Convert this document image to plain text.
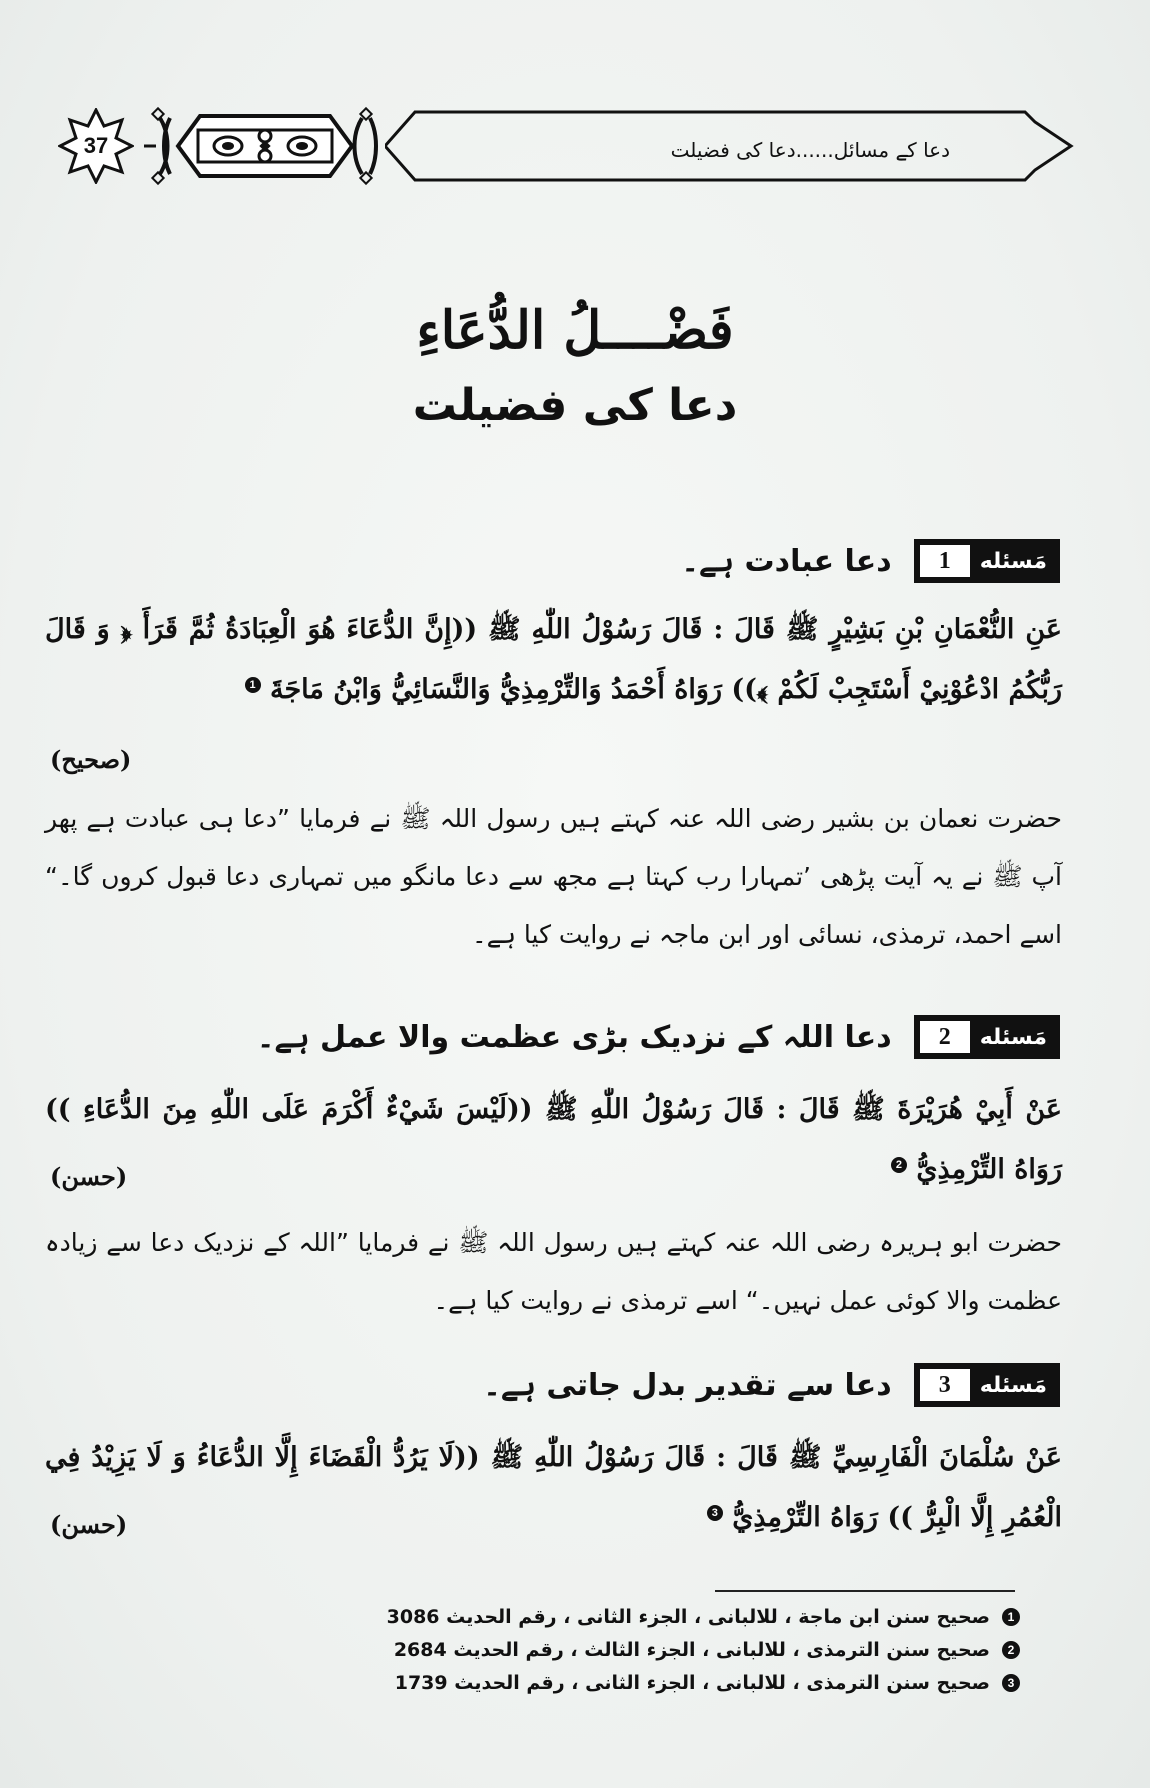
37	دعا کے مسائل......دعا کی فضیلت
فَضْــــلُ الدُّعَاءِ
دعا کی فضیلت
مَسئله
1
دعا عبادت ہے۔
عَنِ النُّعْمَانِ بْنِ بَشِيْرٍ ﷺ قَالَ : قَالَ رَسُوْلُ اللّٰهِ ﷺ ((إِنَّ الدُّعَاءَ هُوَ الْعِبَادَةُ ثُمَّ قَرَأَ ﴿ وَ قَالَ رَبُّكُمُ ادْعُوْنِيْ أَسْتَجِبْ لَكُمْ ﴾)) رَوَاهُ أَحْمَدُ وَالتِّرْمِذِيُّ وَالنَّسَائِيُّ وَابْنُ مَاجَةَ 1
(صحيح)
حضرت نعمان بن بشیر رضی اللہ عنہ کہتے ہیں رسول اللہ ﷺ نے فرمایا ”دعا ہی عبادت ہے پھر آپ ﷺ نے یہ آیت پڑھی ’تمہارا رب کہتا ہے مجھ سے دعا مانگو میں تمہاری دعا قبول کروں گا۔“ اسے احمد، ترمذی، نسائی اور ابن ماجہ نے روایت کیا ہے۔
مَسئله
2
دعا اللہ کے نزدیک بڑی عظمت والا عمل ہے۔
عَنْ أَبِيْ هُرَيْرَةَ ﷺ قَالَ : قَالَ رَسُوْلُ اللّٰهِ ﷺ ((لَيْسَ شَيْءٌ أَكْرَمَ عَلَى اللّٰهِ مِنَ الدُّعَاءِ )) رَوَاهُ التِّرْمِذِيُّ 2
(حسن)
حضرت ابو ہریرہ رضی اللہ عنہ کہتے ہیں رسول اللہ ﷺ نے فرمایا ”اللہ کے نزدیک دعا سے زیادہ عظمت والا کوئی عمل نہیں۔“ اسے ترمذی نے روایت کیا ہے۔
مَسئله
3
دعا سے تقدیر بدل جاتی ہے۔
عَنْ سُلْمَانَ الْفَارِسِيِّ ﷺ قَالَ : قَالَ رَسُوْلُ اللّٰهِ ﷺ ((لَا يَرُدُّ الْقَضَاءَ إِلَّا الدُّعَاءُ وَ لَا يَزِيْدُ فِي الْعُمُرِ إِلَّا الْبِرُّ )) رَوَاهُ التِّرْمِذِيُّ 3
(حسن)
1
صحيح سنن ابن ماجة ، للالبانى ، الجزء الثانى ، رقم الحديث 3086
2
صحيح سنن الترمذى ، للالبانى ، الجزء الثالث ، رقم الحديث 2684
3
صحيح سنن الترمذى ، للالبانى ، الجزء الثانى ، رقم الحديث 1739
